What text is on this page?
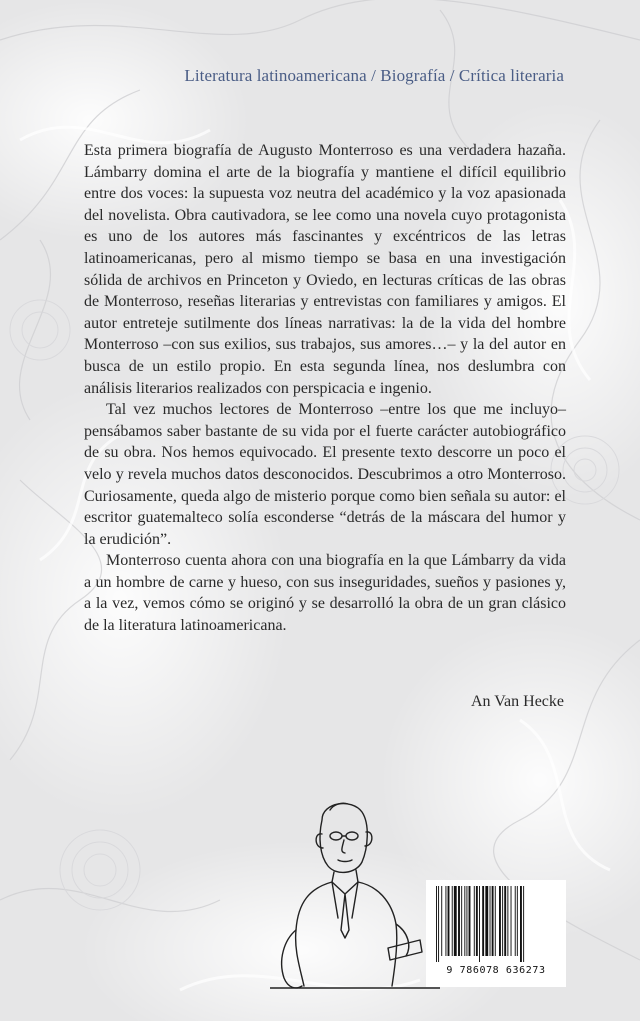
Literatura latinoamericana / Biografía / Crítica literaria

Esta primera biografía de Augusto Monterroso es una verdadera hazaña. Lámbarry domina el arte de la biografía y mantiene el difícil equilibrio entre dos voces: la supuesta voz neutra del académico y la voz apasionada del novelista. Obra cautivadora, se lee como una novela cuyo protagonista es uno de los autores más fascinantes y excéntricos de las letras latinoamericanas, pero al mismo tiempo se basa en una investigación sólida de archivos en Princeton y Oviedo, en lecturas críticas de las obras de Monterroso, reseñas literarias y entrevistas con familiares y amigos. El autor entreteje sutilmente dos líneas narrativas: la de la vida del hombre Monterroso –con sus exilios, sus trabajos, sus amores…– y la del autor en busca de un estilo propio. En esta segunda línea, nos deslumbra con análisis literarios realizados con perspicacia e ingenio.

Tal vez muchos lectores de Monterroso –entre los que me incluyo– pensábamos saber bastante de su vida por el fuerte carácter autobiográfico de su obra. Nos hemos equivocado. El presente texto descorre un poco el velo y revela muchos datos desconocidos. Descubrimos a otro Monterroso. Curiosamente, queda algo de misterio porque como bien señala su autor: el escritor guatemalteco solía esconderse “detrás de la máscara del humor y la erudición”.

Monterroso cuenta ahora con una biografía en la que Lámbarry da vida a un hombre de carne y hueso, con sus inseguridades, sueños y pasiones y, a la vez, vemos cómo se originó y se desarrolló la obra de un gran clásico de la literatura latinoamericana.

An Van Hecke
9 786078 636273
